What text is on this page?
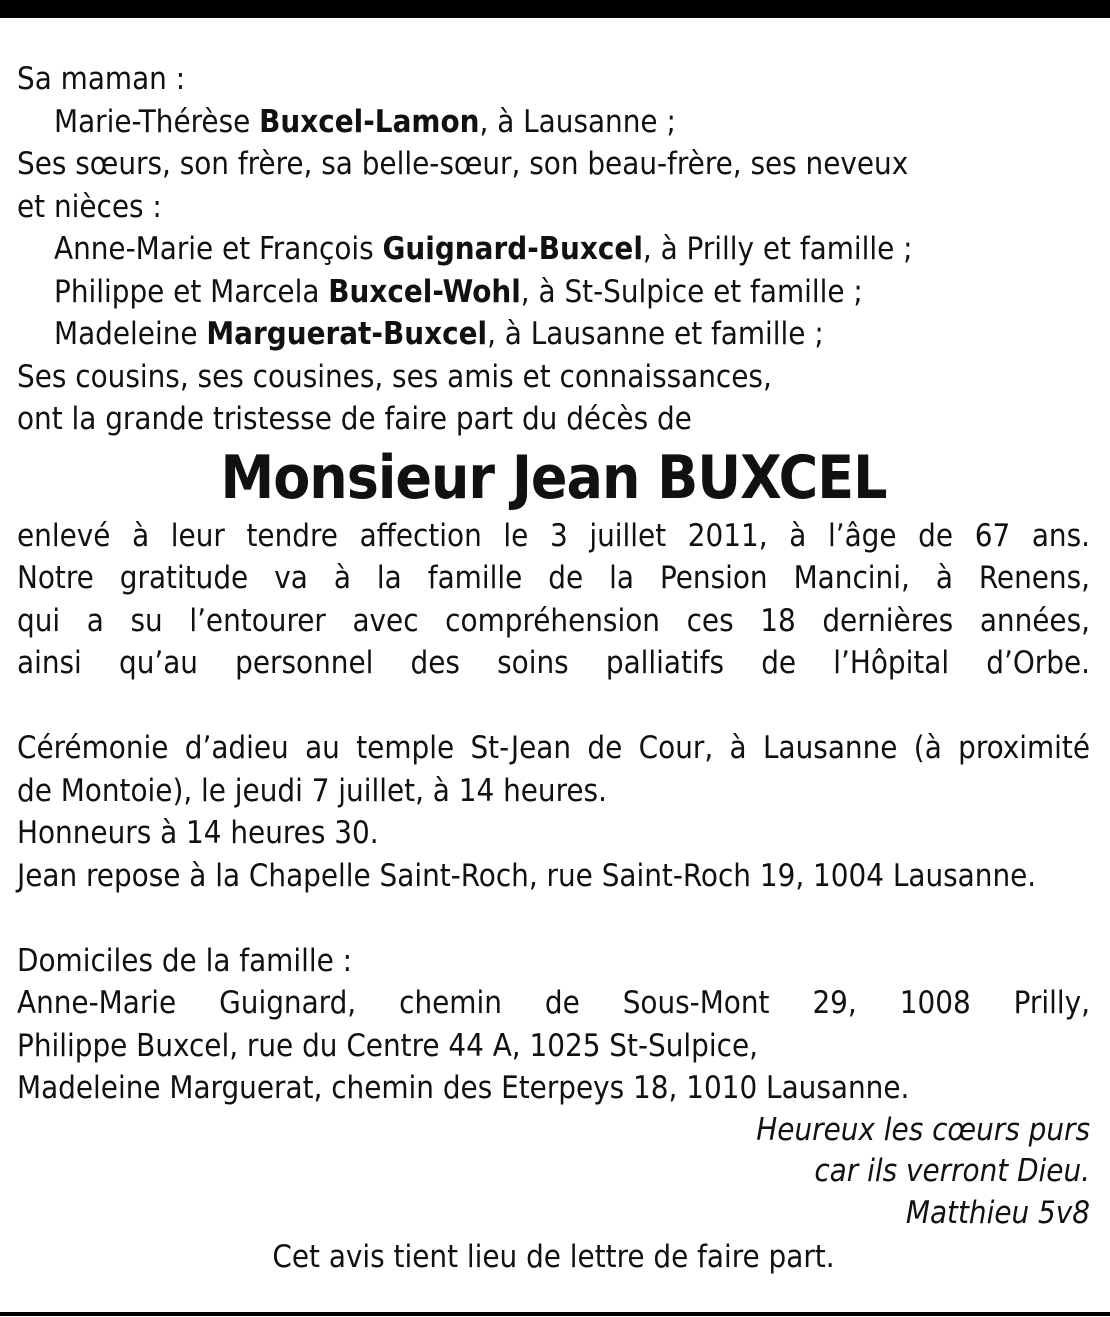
Sa maman :
Marie-Thérèse Buxcel-Lamon, à Lausanne ;
Ses sœurs, son frère, sa belle-sœur, son beau-frère, ses neveux
et nièces :
Anne-Marie et François Guignard-Buxcel, à Prilly et famille ;
Philippe et Marcela Buxcel-Wohl, à St-Sulpice et famille ;
Madeleine Marguerat-Buxcel, à Lausanne et famille ;
Ses cousins, ses cousines, ses amis et connaissances,
ont la grande tristesse de faire part du décès de
Monsieur Jean BUXCEL
enlevé à leur tendre affection le 3 juillet 2011, à l’âge de 67 ans.
Notre gratitude va à la famille de la Pension Mancini, à Renens,
qui a su l’entourer avec compréhension ces 18 dernières années,
ainsi qu’au personnel des soins palliatifs de l’Hôpital d’Orbe.
Cérémonie d’adieu au temple St-Jean de Cour, à Lausanne (à proximité
de Montoie), le jeudi 7 juillet, à 14 heures.
Honneurs à 14 heures 30.
Jean repose à la Chapelle Saint-Roch, rue Saint-Roch 19, 1004 Lausanne.
Domiciles de la famille :
Anne-Marie Guignard, chemin de Sous-Mont 29, 1008 Prilly,
Philippe Buxcel, rue du Centre 44 A, 1025 St-Sulpice,
Madeleine Marguerat, chemin des Eterpeys 18, 1010 Lausanne.
Heureux les cœurs purs
car ils verront Dieu.
Matthieu 5v8
Cet avis tient lieu de lettre de faire part.
